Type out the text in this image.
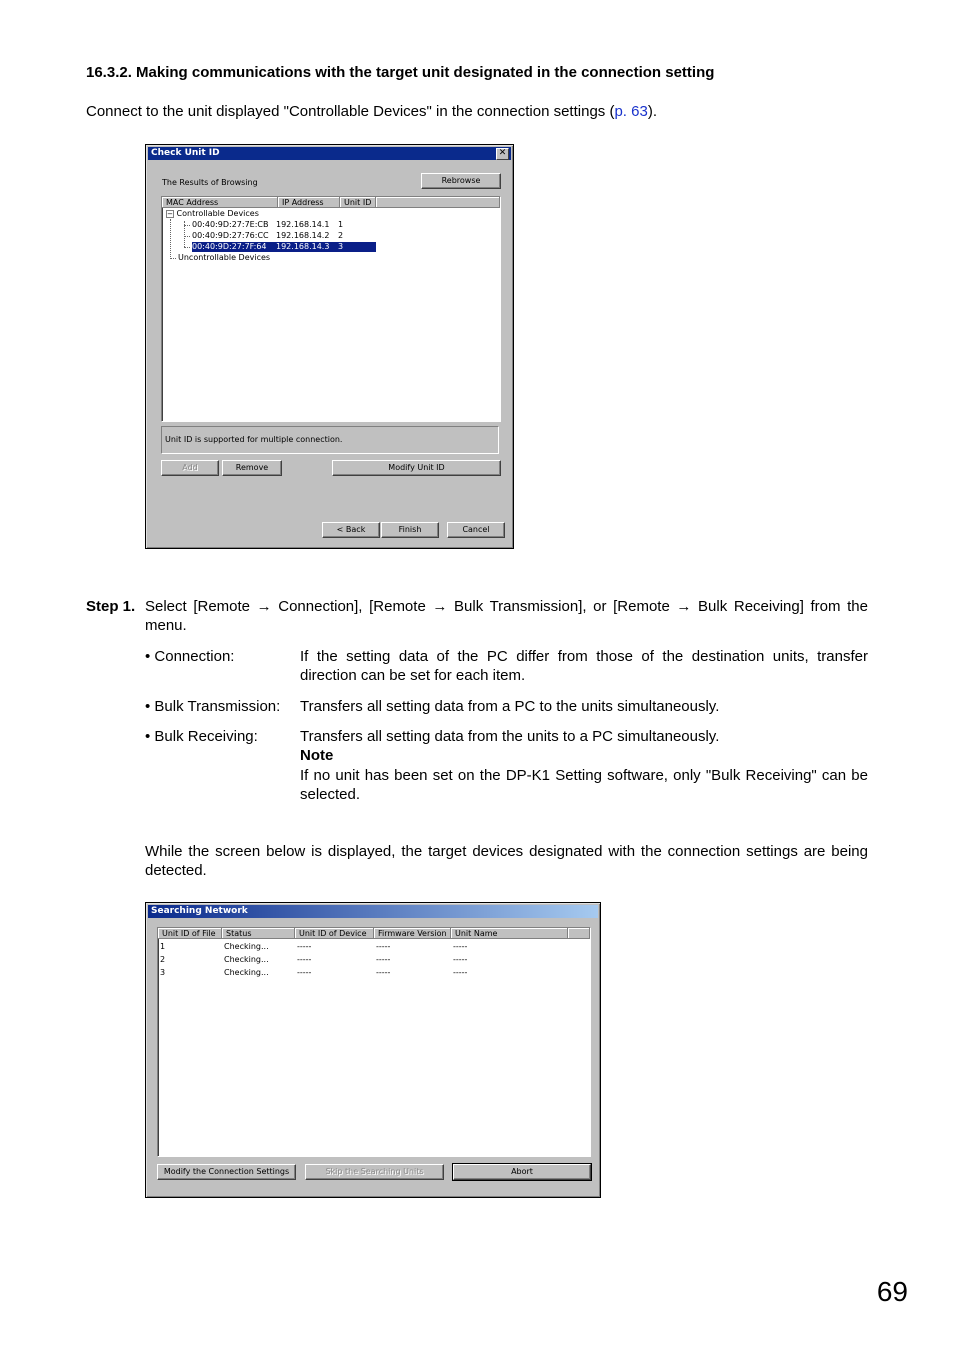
16.3.2. Making communications with the target unit designated in the connection setting
Connect to the unit displayed "Controllable Devices" in the connection settings (p. 63).
Check Unit ID	✕
The Results of Browsing	Rebrowse
MAC Address	IP Address	Unit ID
− Controllable Devices
00:40:9D:27:7E:CB 192.168.14.1 1
00:40:9D:27:76:CC 192.168.14.2 2
00:40:9D:27:7F:64 192.168.14.3 3
Uncontrollable Devices
Unit ID is supported for multiple connection.
Add	Remove	Modify Unit ID
< Back	Finish	Cancel
Step 1. Select [Remote → Connection], [Remote → Bulk Transmission], or [Remote → Bulk Receiving] from the menu.
• Connection:	If the setting data of the PC differ from those of the destination units, transfer direction can be set for each item.
• Bulk Transmission: Transfers all setting data from a PC to the units simultaneously.
• Bulk Receiving:	Transfers all setting data from the units to a PC simultaneously.
Note
If no unit has been set on the DP-K1 Setting software, only "Bulk Receiving" can be selected.
While the screen below is displayed, the target devices designated with the connection settings are being detected.
Searching Network
Unit ID of File	Status	Unit ID of Device	Firmware Version	Unit Name
1	Checking...	-----	-----	-----
2	Checking...	-----	-----	-----
3	Checking...	-----	-----	-----
Modify the Connection Settings	Skip the Searching Units	Abort
69
